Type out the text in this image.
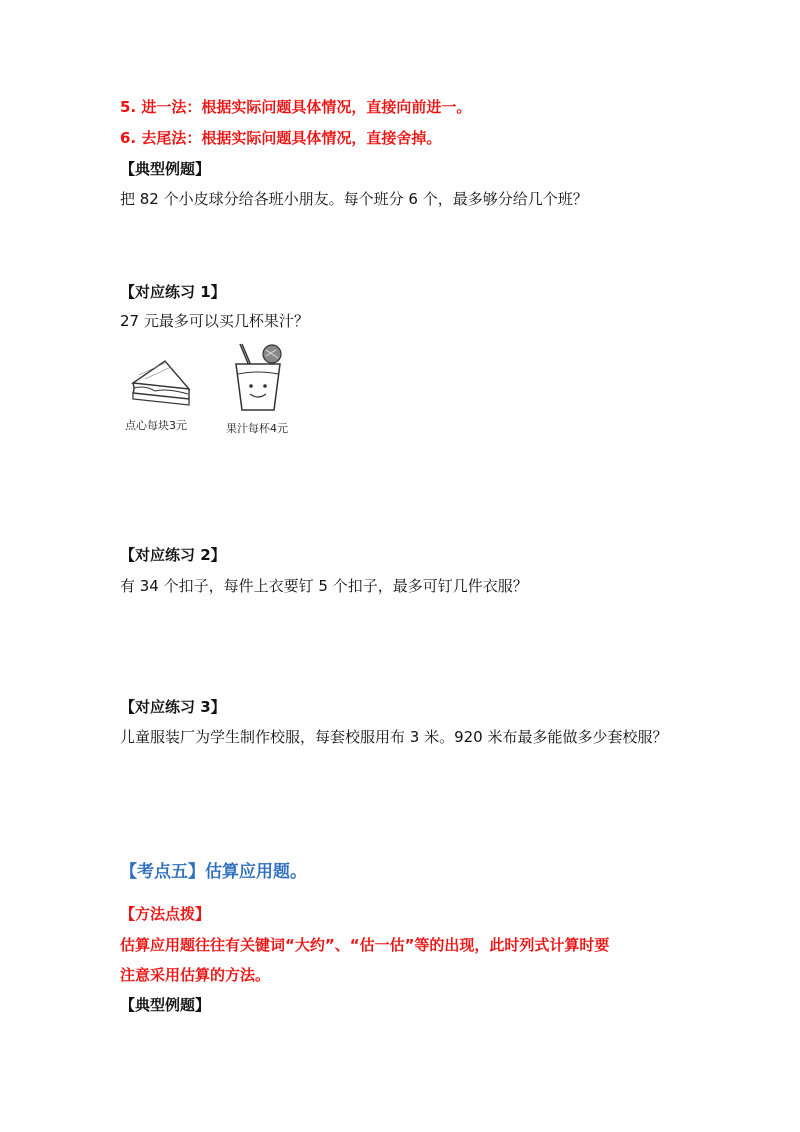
5. 进一法：根据实际问题具体情况，直接向前进一。
6. 去尾法：根据实际问题具体情况，直接舍掉。
【典型例题】
把 82 个小皮球分给各班小朋友。每个班分 6 个，最多够分给几个班？
【对应练习 1】
27 元最多可以买几杯果汁？
点心每块3元	果汁每杯4元
【对应练习 2】
有 34 个扣子，每件上衣要钉 5 个扣子，最多可钉几件衣服？
【对应练习 3】
儿童服装厂为学生制作校服，每套校服用布 3 米。920 米布最多能做多少套校服？
【考点五】估算应用题。
【方法点拨】
估算应用题往往有关键词“大约”、“估一估”等的出现，此时列式计算时要
注意采用估算的方法。
【典型例题】
